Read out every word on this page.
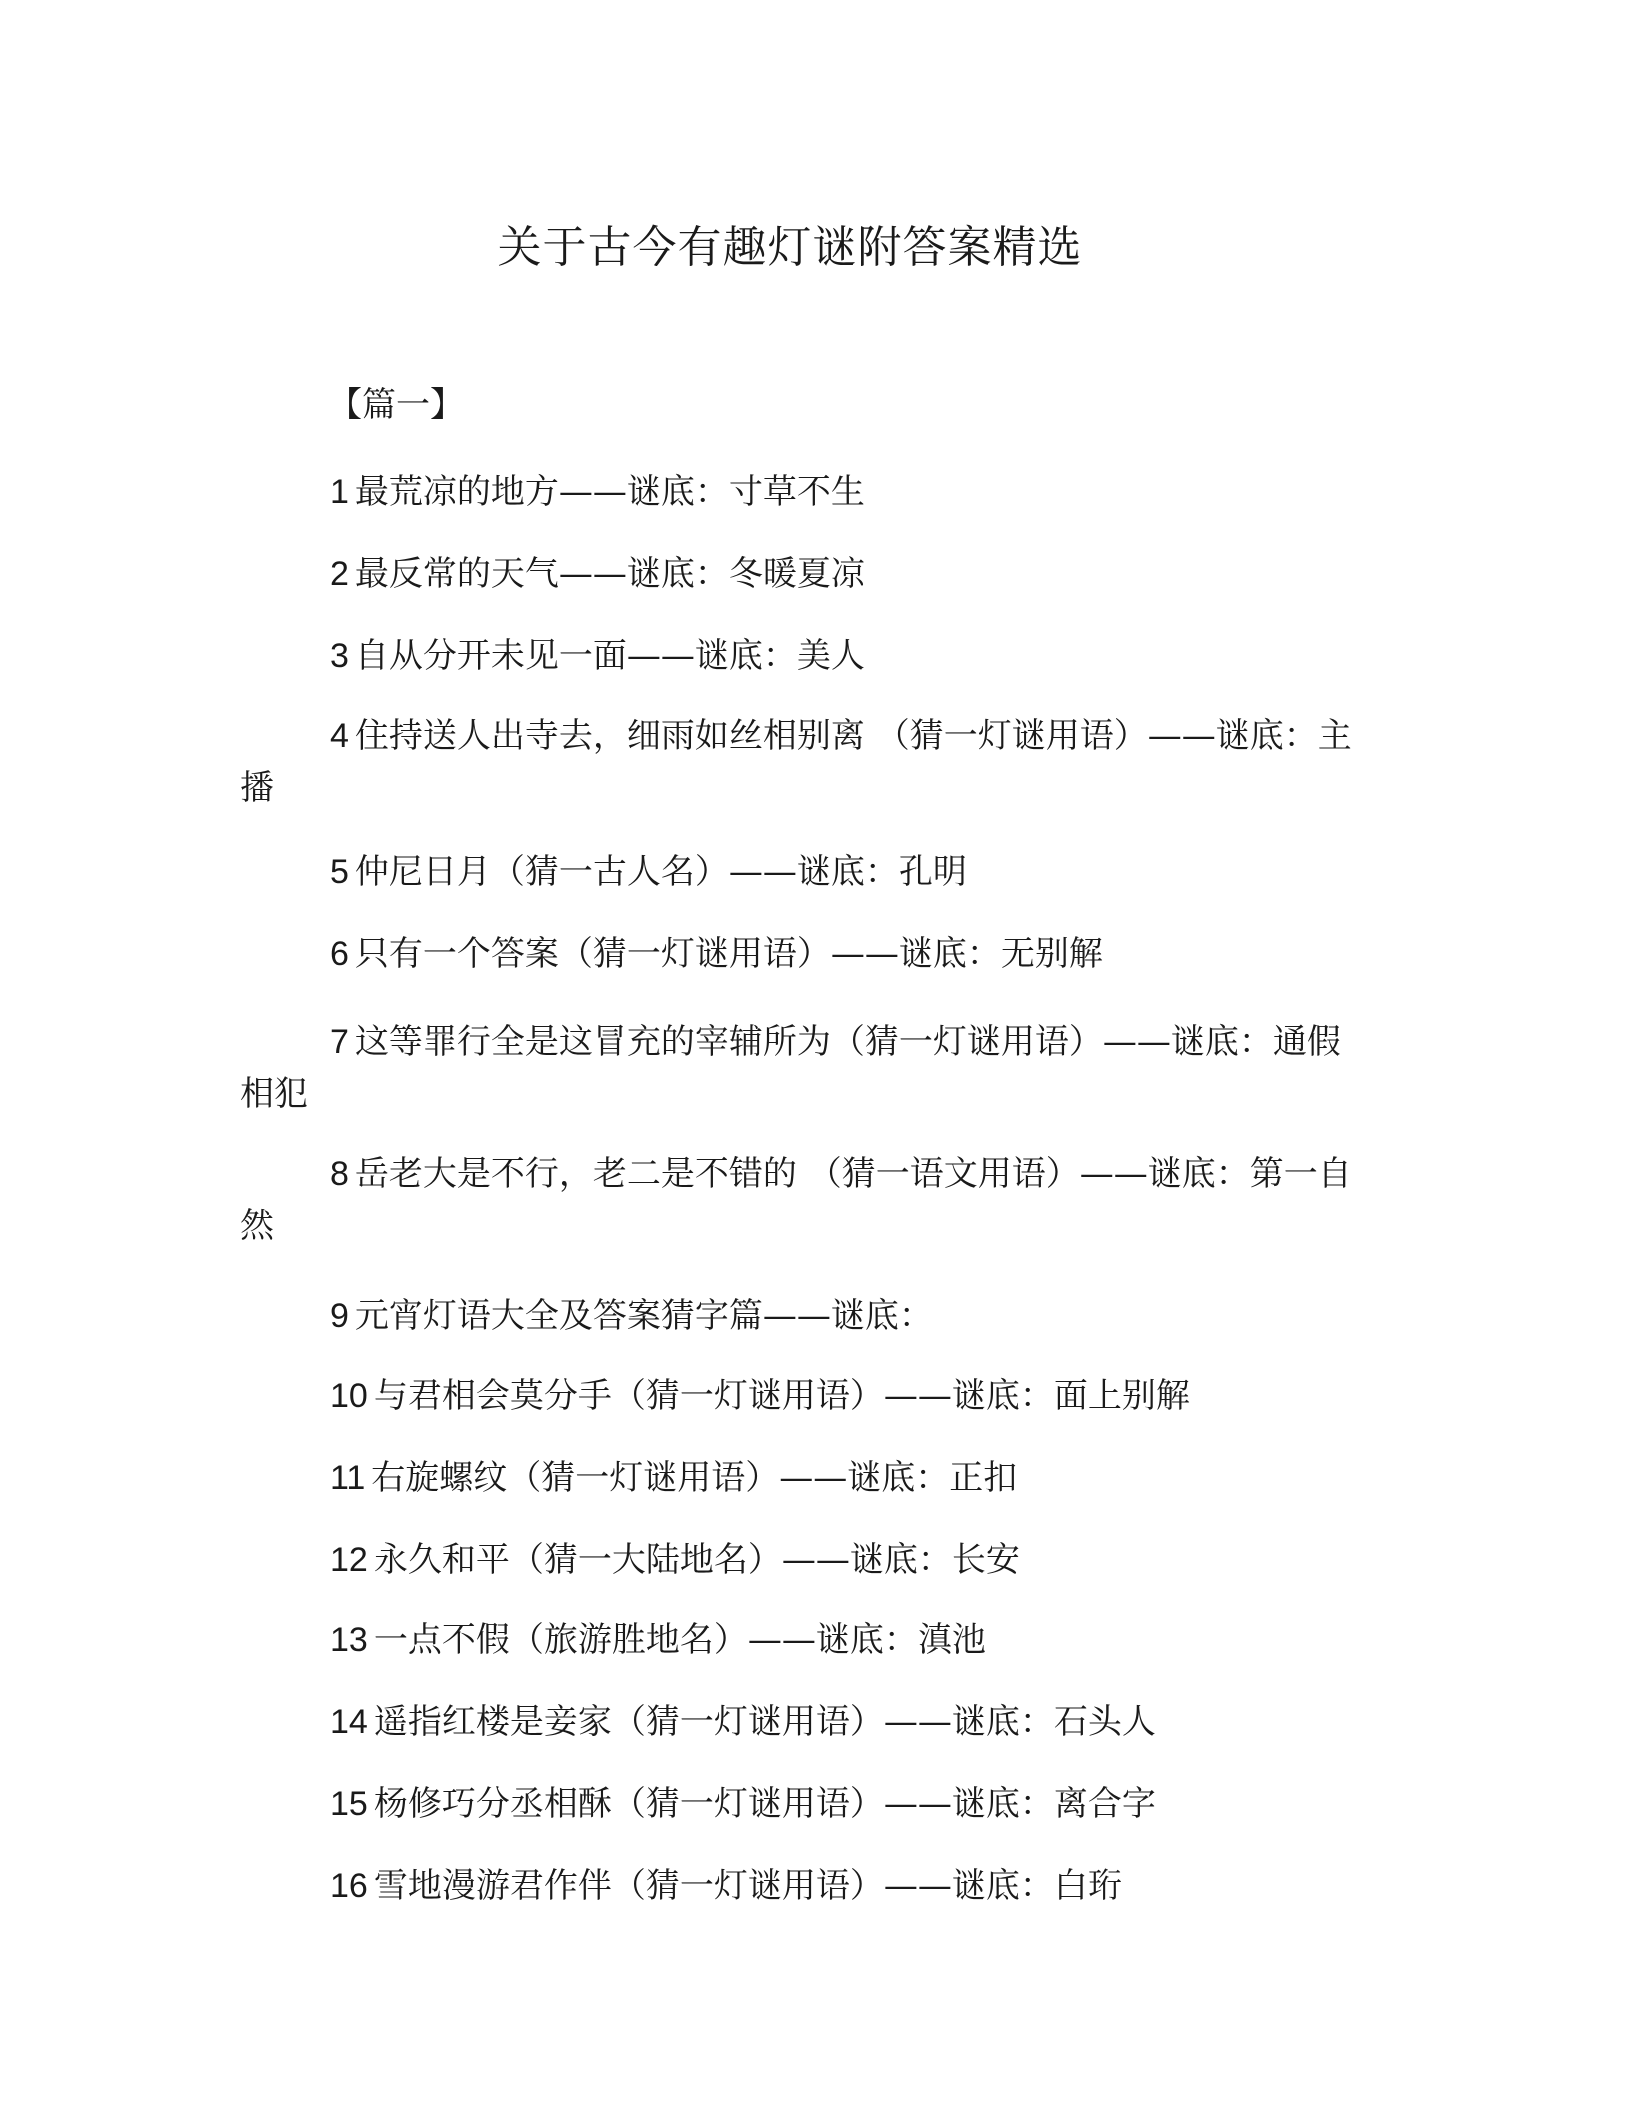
关于古今有趣灯谜附答案精选

【篇一】

1 最荒凉的地方——谜底：寸草不生

2 最反常的天气——谜底：冬暖夏凉

3 自从分开未见一面——谜底：美人

4 住持送人出寺去，细雨如丝相别离 （猜一灯谜用语）——谜底：主播

5 仲尼日月（猜一古人名）——谜底：孔明

6 只有一个答案（猜一灯谜用语）——谜底：无别解

7 这等罪行全是这冒充的宰辅所为（猜一灯谜用语）——谜底：通假相犯

8 岳老大是不行，老二是不错的 （猜一语文用语）——谜底：第一自然

9 元宵灯语大全及答案猜字篇——谜底：

10 与君相会莫分手（猜一灯谜用语）——谜底：面上别解

11 右旋螺纹（猜一灯谜用语）——谜底：正扣

12 永久和平（猜一大陆地名）——谜底：长安

13 一点不假（旅游胜地名）——谜底：滇池

14 遥指红楼是妾家（猜一灯谜用语）——谜底：石头人

15 杨修巧分丞相酥（猜一灯谜用语）——谜底：离合字

16 雪地漫游君作伴（猜一灯谜用语）——谜底：白珩
